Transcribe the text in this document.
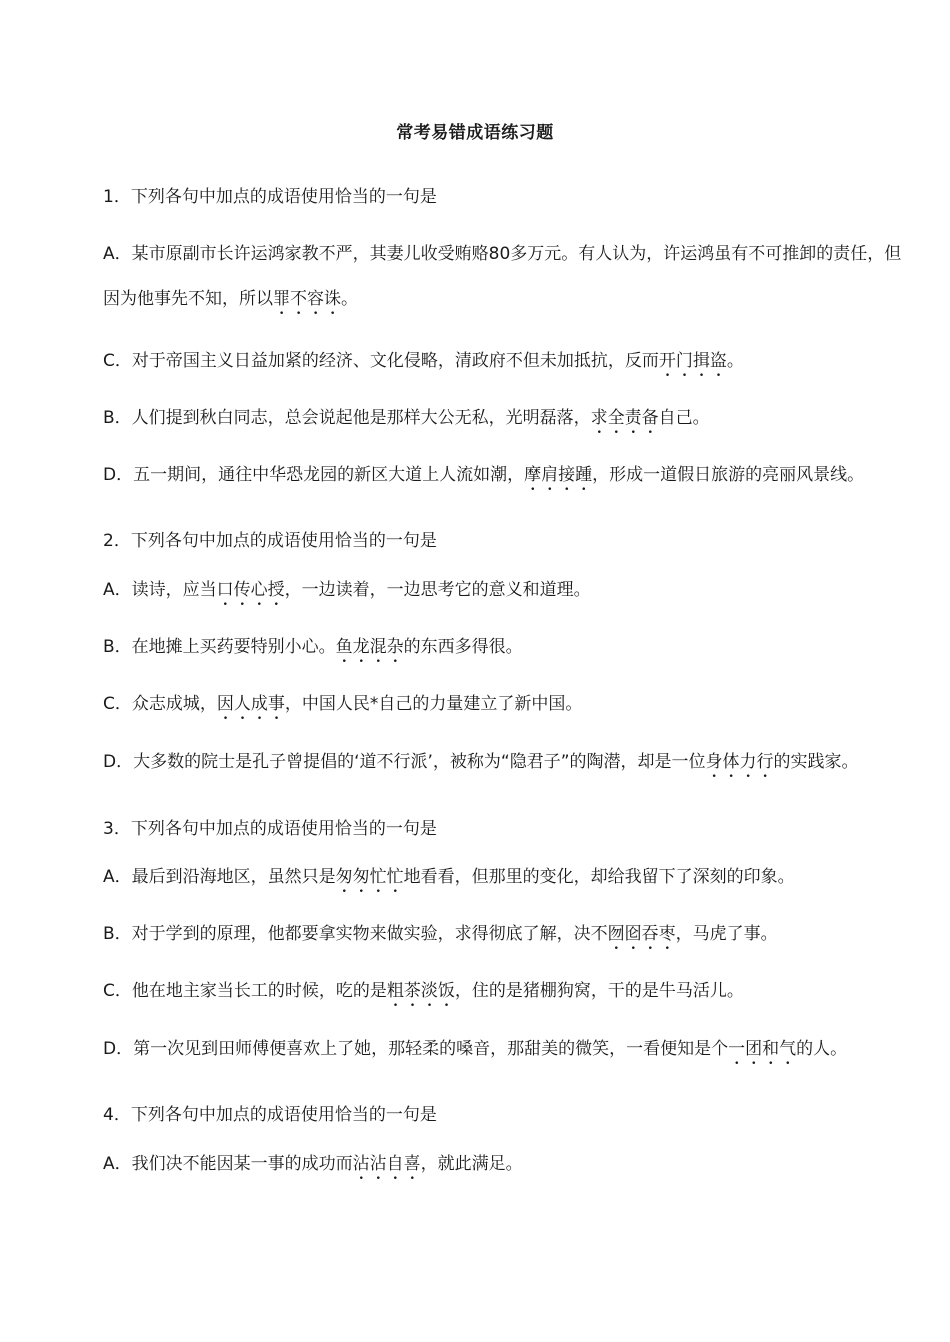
常考易错成语练习题
1．下列各句中加点的成语使用恰当的一句是
A．某市原副市长许运鸿家教不严，其妻儿收受贿赂80多万元。有人认为，许运鸿虽有不可推卸的责任，但
因为他事先不知，所以罪不容诛。
C．对于帝国主义日益加紧的经济、文化侵略，清政府不但未加抵抗，反而开门揖盗。
B．人们提到秋白同志，总会说起他是那样大公无私，光明磊落，求全责备自己。
D．五一期间，通往中华恐龙园的新区大道上人流如潮，摩肩接踵，形成一道假日旅游的亮丽风景线。
2．下列各句中加点的成语使用恰当的一句是
A．读诗，应当口传心授，一边读着，一边思考它的意义和道理。
B．在地摊上买药要特别小心。鱼龙混杂的东西多得很。
C．众志成城，因人成事，中国人民*自己的力量建立了新中国。
D．大多数的院士是孔子曾提倡的‘道不行派’，被称为“隐君子”的陶潜，却是一位身体力行的实践家。
3．下列各句中加点的成语使用恰当的一句是
A．最后到沿海地区，虽然只是匆匆忙忙地看看，但那里的变化，却给我留下了深刻的印象。
B．对于学到的原理，他都要拿实物来做实验，求得彻底了解，决不囫囵吞枣，马虎了事。
C．他在地主家当长工的时候，吃的是粗茶淡饭，住的是猪棚狗窝，干的是牛马活儿。
D．第一次见到田师傅便喜欢上了她，那轻柔的嗓音，那甜美的微笑，一看便知是个一团和气的人。
4．下列各句中加点的成语使用恰当的一句是
A．我们决不能因某一事的成功而沾沾自喜，就此满足。
